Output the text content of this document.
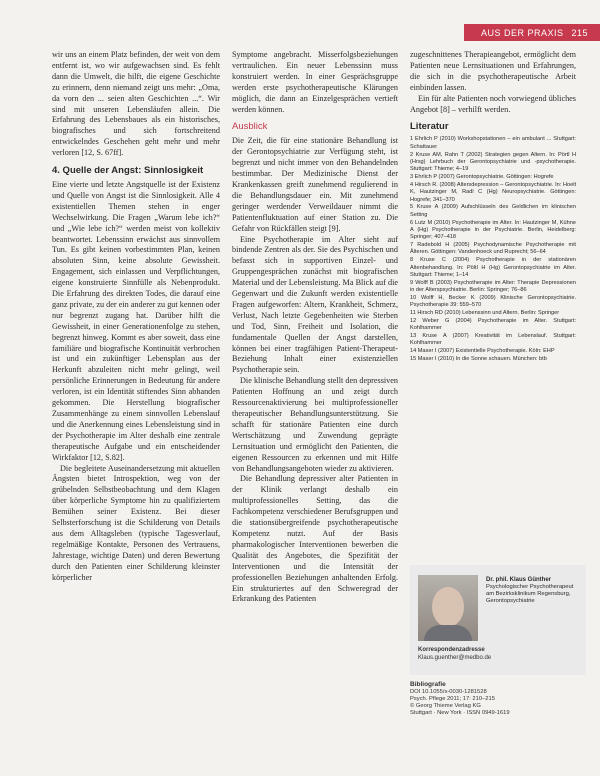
AUS DER PRAXIS 215

wir uns an einem Platz befinden, der weit von dem entfernt ist, wo wir aufgewachsen sind. Es fehlt dann die Umwelt, die hilft, die eigene Geschichte zu erinnern, denn niemand zeigt uns mehr: „Oma, da vorn den ... seien alten Geschichten ...“. Wir sind mit unseren Lebensläufen allein. Die Erfahrung des Lebensbaues als ein historisches, biografisches und sich fortschreitend entwickelndes Geschehen geht mehr und mehr verloren [12, S. 67ff].

4. Quelle der Angst: Sinnlosigkeit

Eine vierte und letzte Angstquelle ist der Existenz und Quelle von Angst ist die Sinnlosigkeit. Alle 4 existentiellen Themen stehen in enger Wechselwirkung. Die Fragen „Warum lebe ich?“ und „Wie lebe ich?“ werden meist von kollektiv beantwortet. Lebenssinn erwächst aus sinnvollem Tun. Es gibt keinen vorbestimmten Plan, keinen absoluten Sinn, keine absolute Gewissheit. Engagement, sich einlassen und Verpflichtungen, eigene konstruierte Sinnfülle als Nebenprodukt. Die Erfahrung des direkten Todes, die darauf eine ganz private, zu der ein anderer zu gut kennen oder nur begrenzt zugang hat. Darüber hilft die Gewissheit, in einer Generationenfolge zu stehen, begrenzt hinweg. Kommt es aber soweit, dass eine familiäre und biografische Kontinuität verbrochen ist und ein zukünftiger Lebensplan aus der Herkunft abzuleiten nicht mehr gelingt, weil persönliche Erinnerungen in Bedeutung für andere verloren, ist ein Identität stiftendes Sinn abhanden gekommen. Die Herstellung biografischer Zusammenhänge zu einem sinnvollen Lebenslauf und die Anerkennung eines Lebensleistung sind in der Psychotherapie im Alter deshalb eine zentrale therapeutische Aufgabe und ein entscheidender Wirkfaktor [12, S.82].

Die begleitete Auseinandersetzung mit aktuellen Ängsten bietet Introspektion, weg von der grübelnden Selbstbeobachtung und dem Klagen über körperliche Symptome hin zu qualifiziertem Bemühen seiner Existenz. Bei dieser Selbsterforschung ist die Schilderung von Details aus dem Alltagsleben (typische Tagesverlauf, regelmäßige Kontakte, Personen des Vertrauens, Jahrestage, wichtige Daten) und deren Bewertung durch den Patienten einer Schilderung kleinster körperlicher

Symptome angebracht. Misserfolgsbeziehungen vertraulichen. Ein neuer Lebenssinn muss konstruiert werden. In einer Gesprächsgruppe werden erste psychotherapeutische Klärungen möglich, die dann an Einzelgesprächen vertieft werden können.

Ausblick

Die Zeit, die für eine stationäre Behandlung ist der Gerontopsychiatrie zur Verfügung steht, ist begrenzt und nicht immer von den Behandelnden bestimmbar. Der Medizinische Dienst der Krankenkassen greift zunehmend regulierend in die Behandlungsdauer ein. Mit zunehmend geringer werdender Verweildauer nimmt die Patientenfluktuation auf einer Station zu. Die Gefahr von Rückfällen steigt [9].

Eine Psychotherapie im Alter sieht auf bindende Zentren als der. Sie des Psychischen und befasst sich in supportiven Einzel- und Gruppengesprächen zunächst mit biografischen Material und der Lebensleistung. Ma Blick auf die Gegenwart und die Zukunft werden existentielle Fragen aufgeworfen: Altern, Krankheit, Schmerz, Verlust, Nach letzte Gegebenheiten wie Sterben und Tod, Sinn, Freiheit und Isolation, die fundamentale Quellen der Angst darstellen, können bei einer tragfähigen Patient-Therapeut-Beziehung Inhalt einer existenziellen Psychotherapie sein.

Die klinische Behandlung stellt den depressiven Patienten Hoffnung an und zeigt durch Ressourcenaktivierung bei multiprofessioneller therapeutischer Behandlungsunterstützung. Sie schafft für stationäre Patienten eine durch Wertschätzung und Zuwendung geprägte Lernsituation und ermöglicht den Patienten, die eigenen Ressourcen zu erkennen und mit Hilfe von Behandlungsangeboten wieder zu aktivieren.

Die Behandlung depressiver alter Patienten in der Klinik verlangt deshalb ein multiprofessionelles Setting, das die Fachkompetenz verschiedener Berufsgruppen und die stationsübergreifende psychotherapeutische Kompetenz nutzt. Auf der Basis pharmakologischer Interventionen bewerben die Qualität des Angebotes, die Spezifität der Interventionen und die Intensität der professionellen Beziehungen anhaltenden Erfolg. Ein strukturiertes auf den Schweregrad der Erkrankung des Patienten

zugeschnittenes Therapieangebot, ermöglicht dem Patienten neue Lernsituationen und Erfahrungen, die sich in die psychotherapeutische Arbeit einbinden lassen.

Ein für alte Patienten noch vorwiegend übliches Angebot [8] – verhilft werden.

Literatur
1 Ehrlich P (2010) Workshopstationen – ein ambulant ... Stuttgart: Schattauer
2 Kruse AM, Rahn T (2002) Strategien gegen Altern. In: Pörtl H (Hrsg) Lehrbuch der Gerontopsychiatrie und -psychotherapie. Stuttgart: Thieme; 4–19
3 Ehrlich P (2007) Gerontopsychiatrie. Göttingen: Hogrefe
4 Hirsch R. (2008) Altersdepression – Gerontopsychiatrie. In: Hoelt K, Hautzinger M, Radl C (Hg) Neuropsychiatrie. Göttingen: Hogrefe; 341–370
5 Kruse A (2009) Aufschlüsseln des Geldlichen im klinischen Setting
6 Lutz M (2010) Psychotherapie im Alter. In: Hautzinger M, Kühne A (Hg) Psychotherapie in der Psychiatrie. Berlin, Heidelberg: Springer; 407–418
7 Radebold H (2005) Psychodynamische Psychotherapie mit Älteren. Göttingen: Vandenhoeck und Ruprecht; 56–64
8 Kruse C (2004) Psychotherapie in der stationären Altenbehandlung. In: Pöltl H (Hg) Gerontopsychiatrie im Alter. Stuttgart: Thieme; 1–14
9 Wolff B (2003) Psychotherapie im Alter: Therapie Depressionen in der Alterspsychiatrie. Berlin: Springer; 76–86
10 Wolff H, Becker K (2009) Klinische Gerontopsychiatrie. Psychotherapie 39: 559–570
11 Hirsch RD (2010) Lebenssinn und Altern. Berlin: Springer
12 Weber G (2004) Psychotherapie im Alter. Stuttgart: Kohlhammer
13 Kruse A (2007) Kreativität im Lebenslauf. Stuttgart: Kohlhammer
14 Maser I (2007) Existentielle Psychotherapie. Köln: EHP
15 Maser I (2010) In die Sonne schauen. München: btb
Dr. phil. Klaus Günther
Psychologischer Psychotherapeut am Bezirksklinikum Regensburg, Gerontopsychiatrie
Korrespondenzadresse
Klaus.guenther@medbo.de
Bibliografie
DOI 10.1055/s-0030-1281528
Psych. Pflege 2011; 17: 210–215
© Georg Thieme Verlag KG
Stuttgart · New York · ISSN 0949-1619
